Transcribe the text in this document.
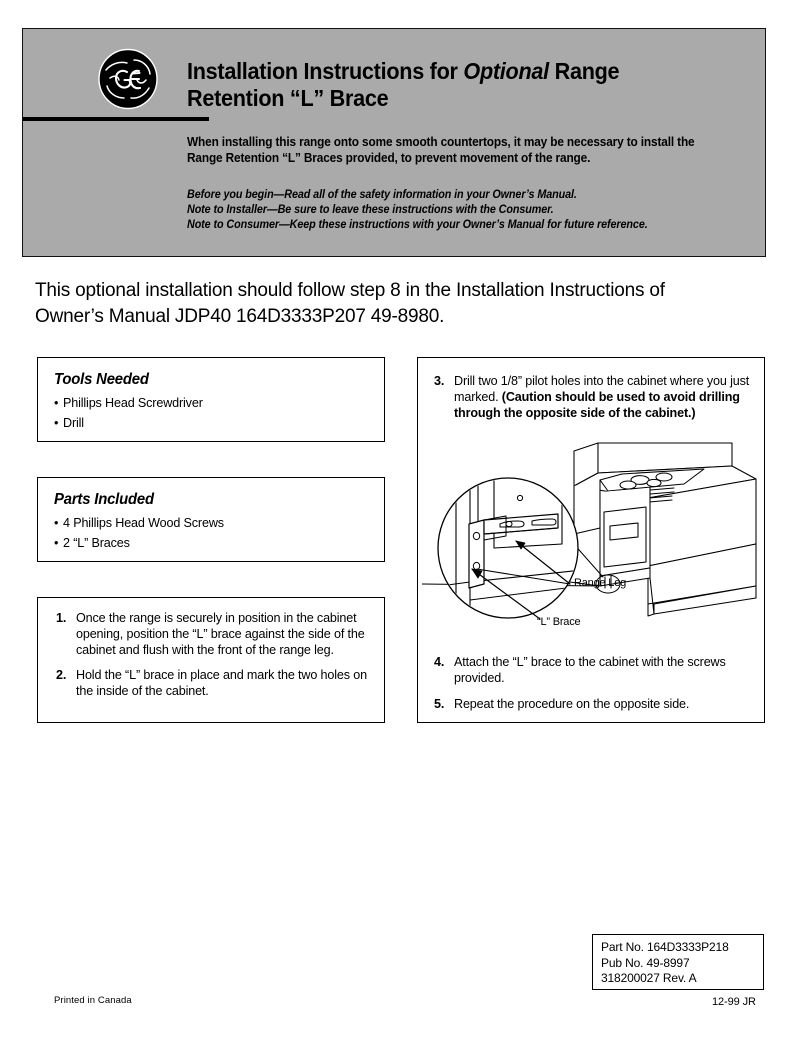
Installation Instructions for Optional Range
Retention “L” Brace
When installing this range onto some smooth countertops, it may be necessary to install the Range Retention “L” Braces provided, to prevent movement of the range.
Before you begin—Read all of the safety information in your Owner’s Manual.
Note to Installer—Be sure to leave these instructions with the Consumer.
Note to Consumer—Keep these instructions with your Owner’s Manual for future reference.
This optional installation should follow step 8 in the Installation Instructions of Owner’s Manual JDP40 164D3333P207 49-8980.
Tools Needed
• Phillips Head Screwdriver
• Drill
Parts Included
• 4 Phillips Head Wood Screws
• 2 “L” Braces
1. Once the range is securely in position in the cabinet opening, position the “L” brace against the side of the cabinet and flush with the front of the range leg.
2. Hold the “L” brace in place and mark the two holes on the inside of the cabinet.
3. Drill two 1/8” pilot holes into the cabinet where you just marked. (Caution should be used to avoid drilling through the opposite side of the cabinet.)
Range Leg
“L” Brace
4. Attach the “L” brace to the cabinet with the screws provided.
5. Repeat the procedure on the opposite side.
Part No. 164D3333P218
Pub No. 49-8997
318200027 Rev. A
12-99 JR
Printed in Canada
